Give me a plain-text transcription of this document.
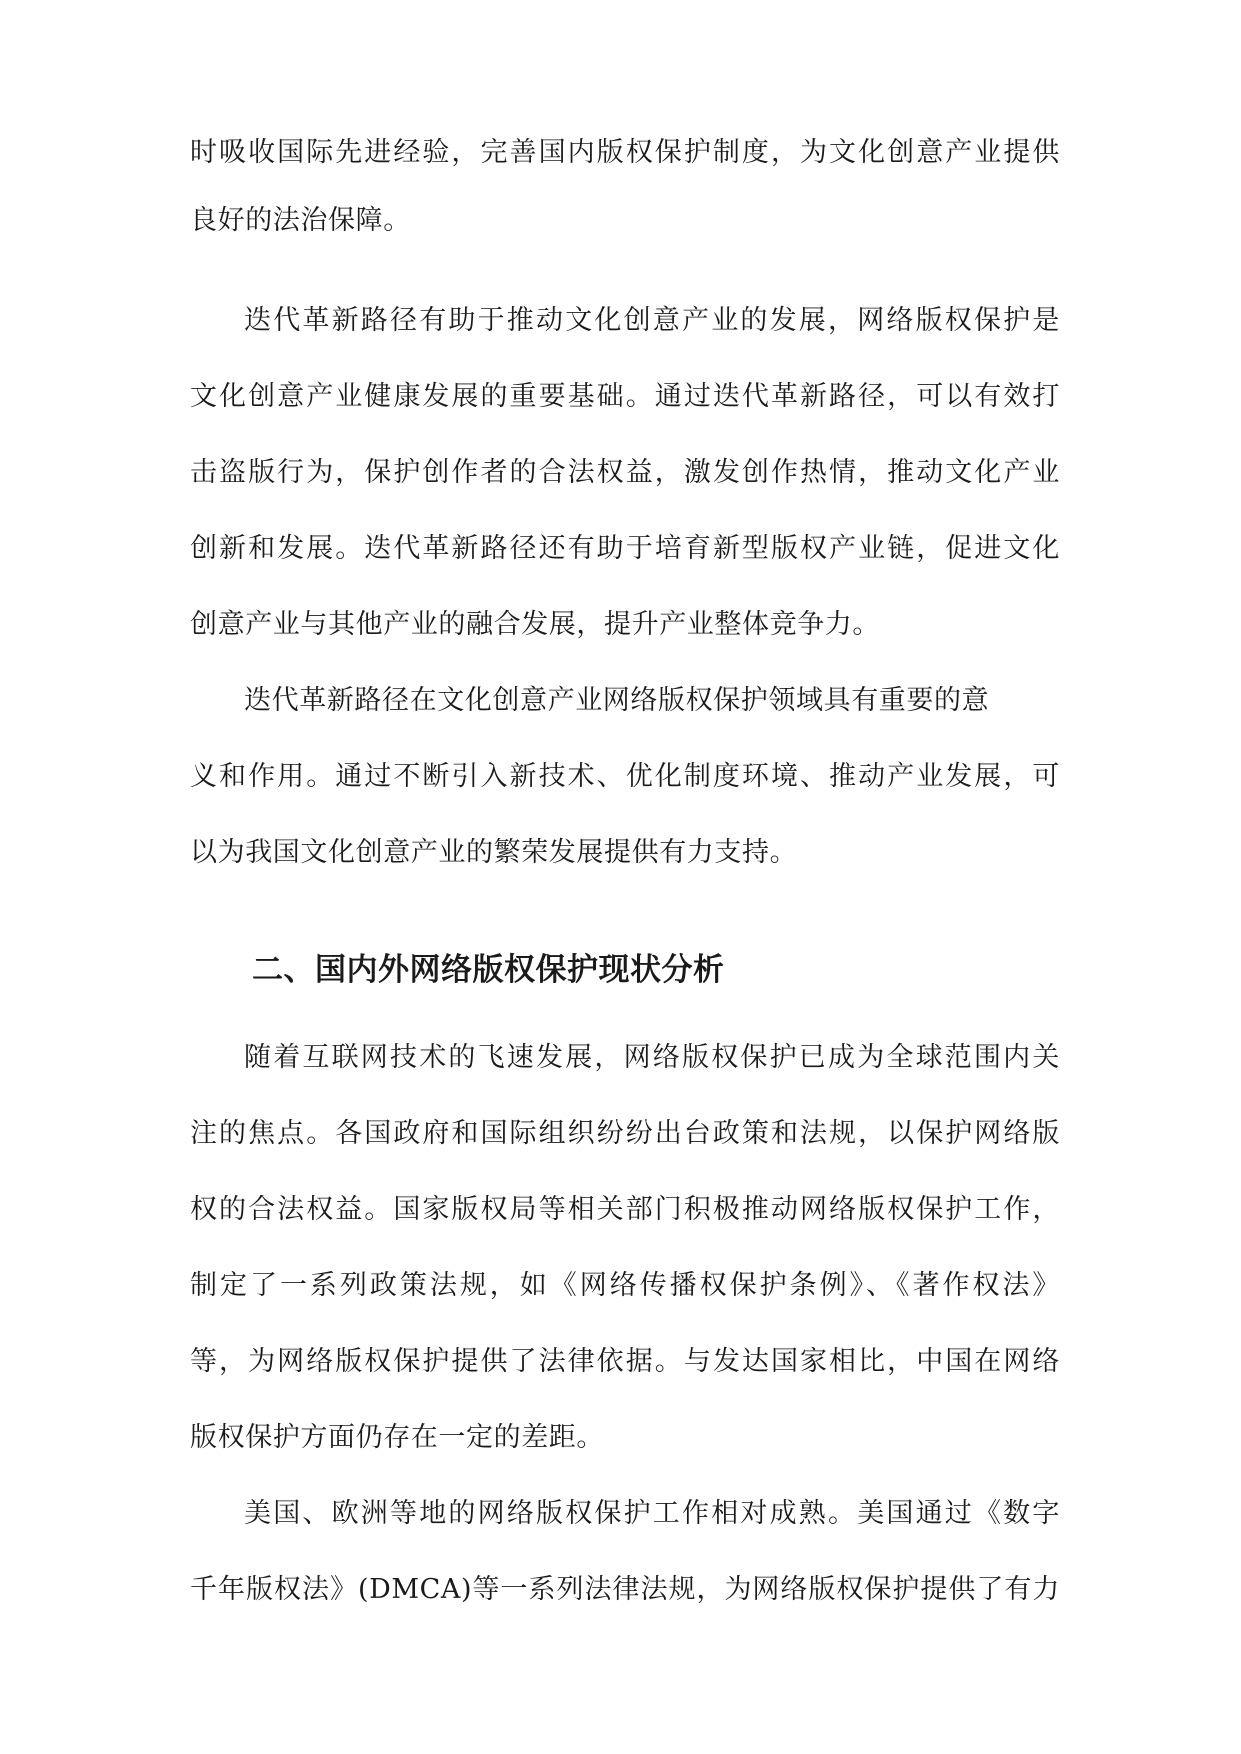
时吸收国际先进经验，完善国内版权保护制度，为文化创意产业提供
良好的法治保障。
迭代革新路径有助于推动文化创意产业的发展，网络版权保护是
文化创意产业健康发展的重要基础。通过迭代革新路径，可以有效打
击盗版行为，保护创作者的合法权益，激发创作热情，推动文化产业
创新和发展。迭代革新路径还有助于培育新型版权产业链，促进文化
创意产业与其他产业的融合发展，提升产业整体竞争力。
迭代革新路径在文化创意产业网络版权保护领域具有重要的意
义和作用。通过不断引入新技术、优化制度环境、推动产业发展，可
以为我国文化创意产业的繁荣发展提供有力支持。
二、国内外网络版权保护现状分析
随着互联网技术的飞速发展，网络版权保护已成为全球范围内关
注的焦点。各国政府和国际组织纷纷出台政策和法规，以保护网络版
权的合法权益。国家版权局等相关部门积极推动网络版权保护工作，
制定了一系列政策法规，如《网络传播权保护条例》、《著作权法》
等，为网络版权保护提供了法律依据。与发达国家相比，中国在网络
版权保护方面仍存在一定的差距。
美国、欧洲等地的网络版权保护工作相对成熟。美国通过《数字
千年版权法》(DMCA)等一系列法律法规，为网络版权保护提供了有力
